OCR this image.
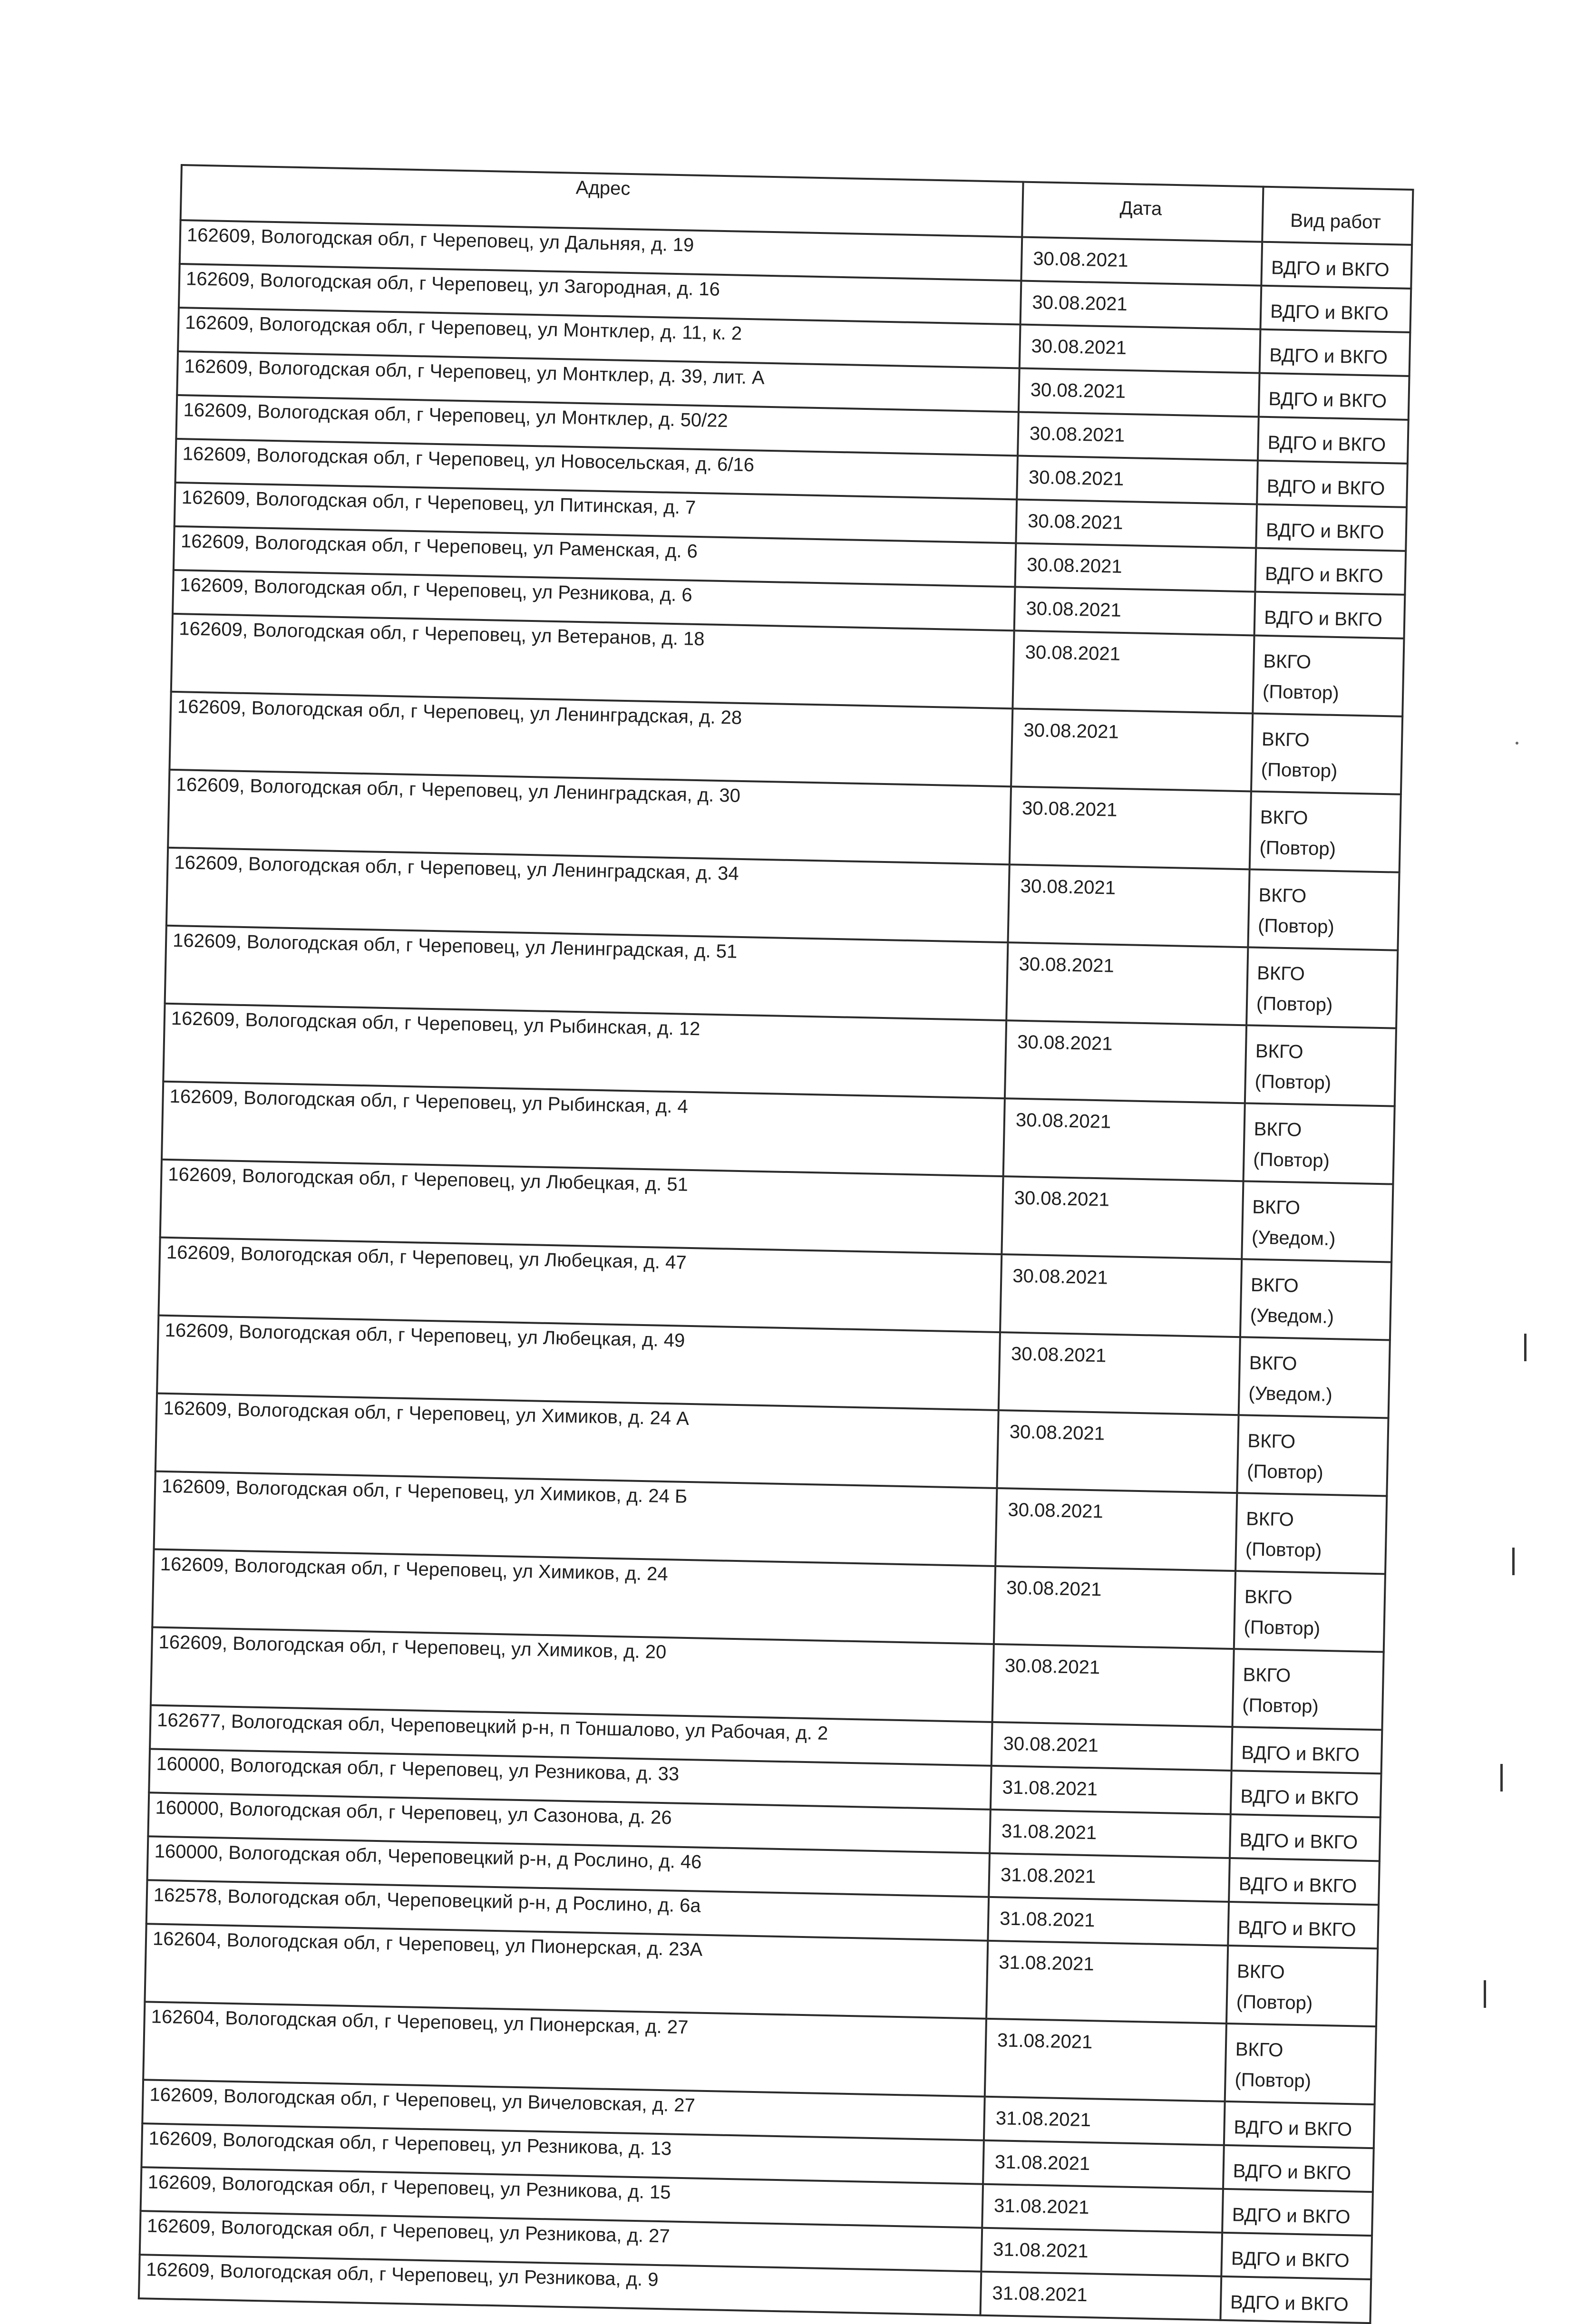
Адрес	Дата	Вид работ
162609, Вологодская обл, г Череповец, ул Дальняя, д. 19	30.08.2021	ВДГО и ВКГО

162609, Вологодская обл, г Череповец, ул Загородная, д. 16	30.08.2021	ВДГО и ВКГО

162609, Вологодская обл, г Череповец, ул Монтклер, д. 11, к. 2	30.08.2021	ВДГО и ВКГО

162609, Вологодская обл, г Череповец, ул Монтклер, д. 39, лит. А	30.08.2021	ВДГО и ВКГО

162609, Вологодская обл, г Череповец, ул Монтклер, д. 50/22	30.08.2021	ВДГО и ВКГО

162609, Вологодская обл, г Череповец, ул Новосельская, д. 6/16	30.08.2021	ВДГО и ВКГО

162609, Вологодская обл, г Череповец, ул Питинская, д. 7	30.08.2021	ВДГО и ВКГО

162609, Вологодская обл, г Череповец, ул Раменская, д. 6	30.08.2021	ВДГО и ВКГО

162609, Вологодская обл, г Череповец, ул Резникова, д. 6	30.08.2021	ВДГО и ВКГО

162609, Вологодская обл, г Череповец, ул Ветеранов, д. 18	30.08.2021	ВКГО
(Повтор)

162609, Вологодская обл, г Череповец, ул Ленинградская, д. 28	30.08.2021	ВКГО
(Повтор)

162609, Вологодская обл, г Череповец, ул Ленинградская, д. 30	30.08.2021	ВКГО
(Повтор)

162609, Вологодская обл, г Череповец, ул Ленинградская, д. 34	30.08.2021	ВКГО
(Повтор)

162609, Вологодская обл, г Череповец, ул Ленинградская, д. 51	30.08.2021	ВКГО
(Повтор)

162609, Вологодская обл, г Череповец, ул Рыбинская, д. 12	30.08.2021	ВКГО
(Повтор)

162609, Вологодская обл, г Череповец, ул Рыбинская, д. 4	30.08.2021	ВКГО
(Повтор)

162609, Вологодская обл, г Череповец, ул Любецкая, д. 51	30.08.2021	ВКГО
(Уведом.)

162609, Вологодская обл, г Череповец, ул Любецкая, д. 47	30.08.2021	ВКГО
(Уведом.)

162609, Вологодская обл, г Череповец, ул Любецкая, д. 49	30.08.2021	ВКГО
(Уведом.)

162609, Вологодская обл, г Череповец, ул Химиков, д. 24 А	30.08.2021	ВКГО
(Повтор)

162609, Вологодская обл, г Череповец, ул Химиков, д. 24 Б	30.08.2021	ВКГО
(Повтор)

162609, Вологодская обл, г Череповец, ул Химиков, д. 24	30.08.2021	ВКГО
(Повтор)

162609, Вологодская обл, г Череповец, ул Химиков, д. 20	30.08.2021	ВКГО
(Повтор)

162677, Вологодская обл, Череповецкий р-н, п Тоншалово, ул Рабочая, д. 2	30.08.2021	ВДГО и ВКГО

160000, Вологодская обл, г Череповец, ул Резникова, д. 33	31.08.2021	ВДГО и ВКГО

160000, Вологодская обл, г Череповец, ул Сазонова, д. 26	31.08.2021	ВДГО и ВКГО

160000, Вологодская обл, Череповецкий р-н, д Рослино, д. 46	31.08.2021	ВДГО и ВКГО

162578, Вологодская обл, Череповецкий р-н, д Рослино, д. 6а	31.08.2021	ВДГО и ВКГО

162604, Вологодская обл, г Череповец, ул Пионерская, д. 23А	31.08.2021	ВКГО
(Повтор)

162604, Вологодская обл, г Череповец, ул Пионерская, д. 27	31.08.2021	ВКГО
(Повтор)

162609, Вологодская обл, г Череповец, ул Вичеловская, д. 27	31.08.2021	ВДГО и ВКГО

162609, Вологодская обл, г Череповец, ул Резникова, д. 13	31.08.2021	ВДГО и ВКГО

162609, Вологодская обл, г Череповец, ул Резникова, д. 15	31.08.2021	ВДГО и ВКГО

162609, Вологодская обл, г Череповец, ул Резникова, д. 27	31.08.2021	ВДГО и ВКГО

162609, Вологодская обл, г Череповец, ул Резникова, д. 9	31.08.2021	ВДГО и ВКГО
